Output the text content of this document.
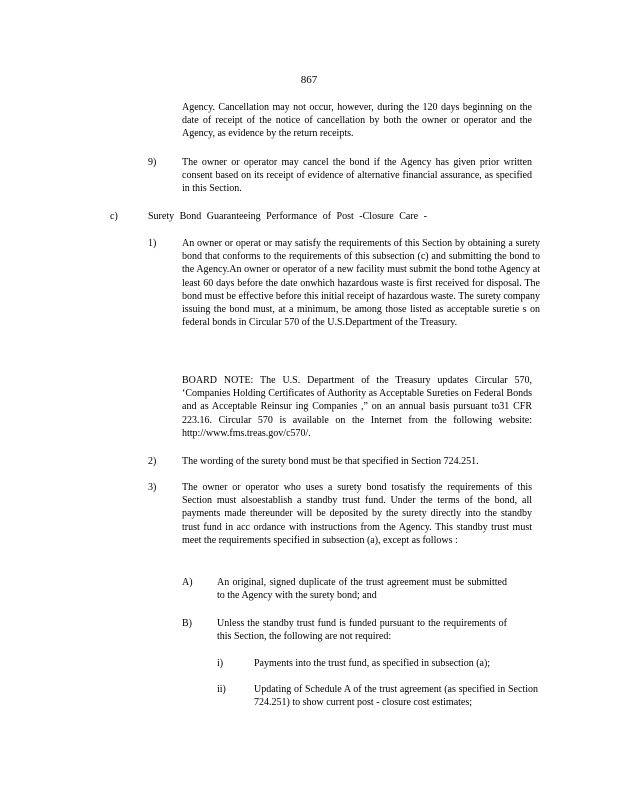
867

Agency. Cancellation may not occur, however, during the 120 days beginning on the date of receipt of the notice of cancellation by both the owner or operator and the Agency, as evidence by the return receipts.

9)	The owner or operator may cancel the bond if the Agency has given prior written consent based on its receipt of evidence of alternative financial assurance, as specified in this Section.

c)	Surety Bond Guaranteeing Performance of Post -Closure Care -
1)	An owner or operat or may satisfy the requirements of this Section by obtaining a surety bond that conforms to the requirements of this subsection (c) and submitting the bond to the Agency.An owner or operator of a new facility must submit the bond tothe Agency at least 60 days before the date onwhich hazardous waste is first received for disposal. The bond must be effective before this initial receipt of hazardous waste. The surety company issuing the bond must, at a minimum, be among those listed as acceptable suretie s on federal bonds in Circular 570 of the U.S.Department of the Treasury.

BOARD NOTE: The U.S. Department of the Treasury updates Circular 570, ‘Companies Holding Certificates of Authority as Acceptable Sureties on Federal Bonds and as Acceptable Reinsur ing Companies ,” on an annual basis pursuant to31 CFR 223.16. Circular 570 is available on the Internet from the following website: http://www.fms.treas.gov/c570/.

2)	The wording of the surety bond must be that specified in Section 724.251.

3)	The owner or operator who uses a surety bond tosatisfy the requirements of this Section must alsoestablish a standby trust fund. Under the terms of the bond, all payments made thereunder will be deposited by the surety directly into the standby trust fund in acc ordance with instructions from the Agency. This standby trust must meet the requirements specified in subsection (a), except as follows :

A) An original, signed duplicate of the trust agreement must be submitted to the Agency with the surety bond; and

B)	Unless the standby trust fund is funded pursuant to the requirements of this Section, the following are not required:

i)	Payments into the trust fund, as specified in subsection (a);

ii)	Updating of Schedule A of the trust agreement (as specified in Section 724.251) to show current post - closure cost estimates;
